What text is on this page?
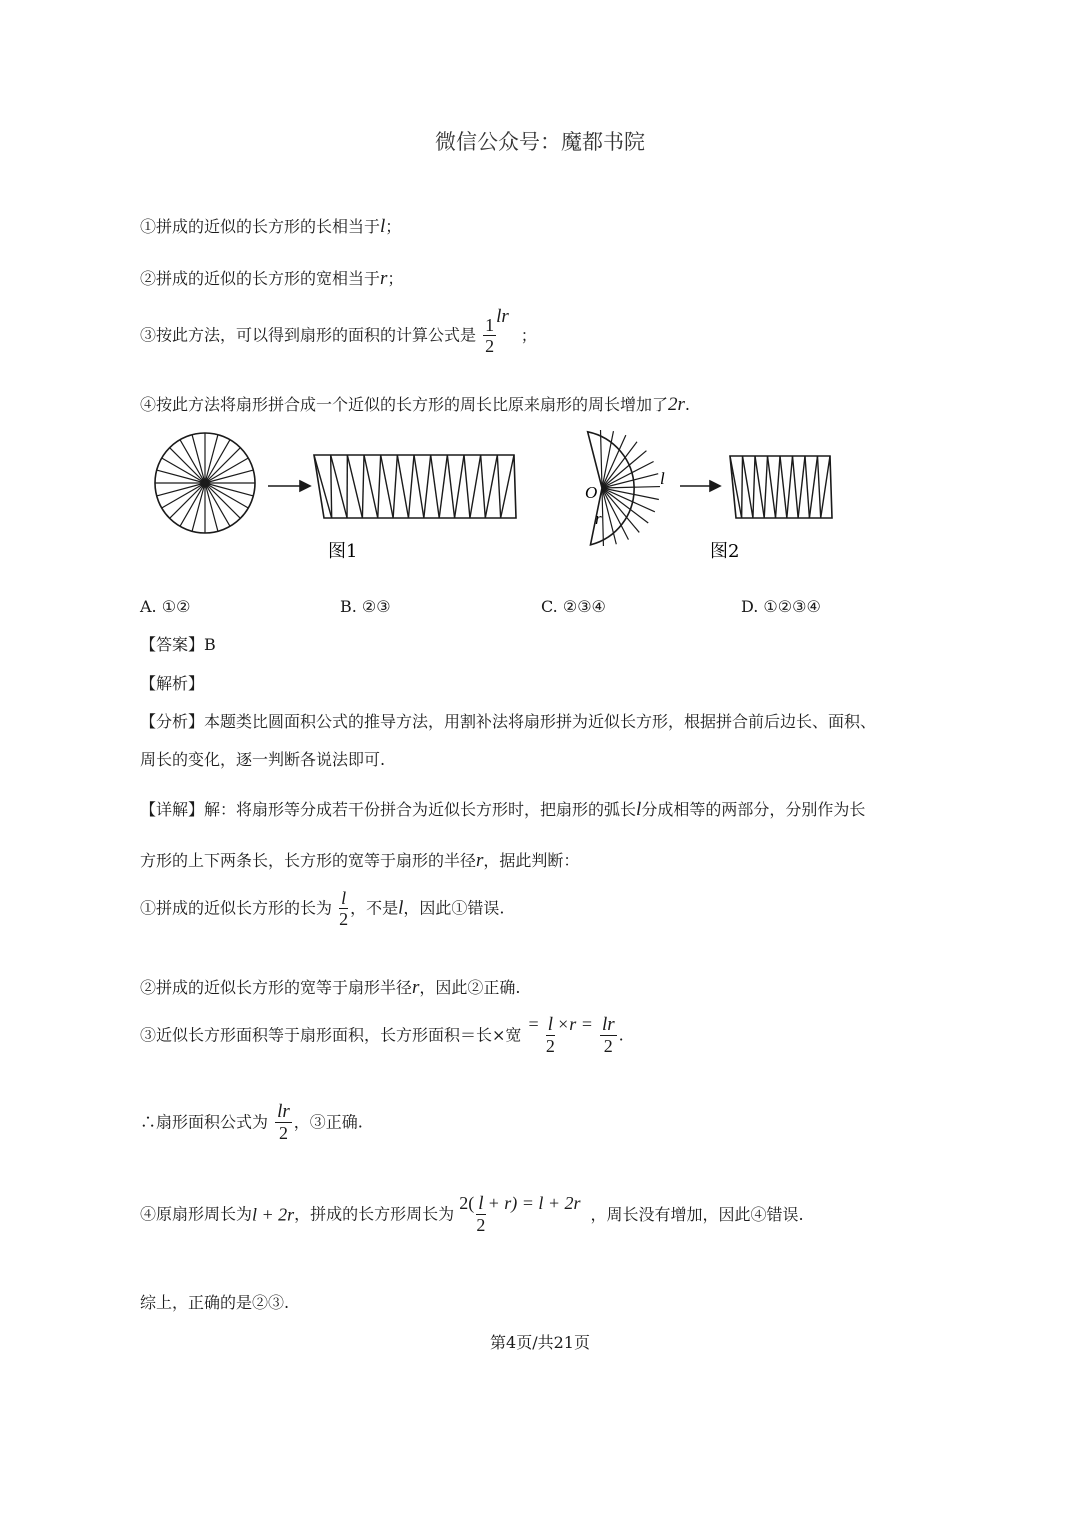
微信公众号：魔都书院
①拼成的近似的长方形的长相当于l；
②拼成的近似的长方形的宽相当于r；
③按此方法，可以得到扇形的面积的计算公式是 $\frac{1}{2}$ lr；
④按此方法将扇形拼合成一个近似的长方形的周长比原来扇形的周长增加了2r.
O
l
r
图1	图2
A. ①②	B. ②③	C. ②③④	D. ①②③④
【答案】B
【解析】
【分析】本题类比圆面积公式的推导方法，用割补法将扇形拼为近似长方形，根据拼合前后边长、面积、
周长的变化，逐一判断各说法即可.
【详解】解：将扇形等分成若干份拼合为近似长方形时，把扇形的弧长l分成相等的两部分，分别作为长
方形的上下两条长，长方形的宽等于扇形的半径r，据此判断：
①拼成的近似长方形的长为 $\frac{l}{2}$ ，不是l，因此①错误.
②拼成的近似长方形的宽等于扇形半径r，因此②正确.
③近似长方形面积等于扇形面积，长方形面积＝长×宽 = $\frac{l}{2} \times r = \frac{lr}{2}$ .
∴扇形面积公式为 $\frac{lr}{2}$ ，③正确.
④原扇形周长为l + 2r，拼成的长方形周长为 $2( \frac{l}{2} + r) = l + 2r$，周长没有增加，因此④错误.
综上，正确的是②③.
第4页/共21页
